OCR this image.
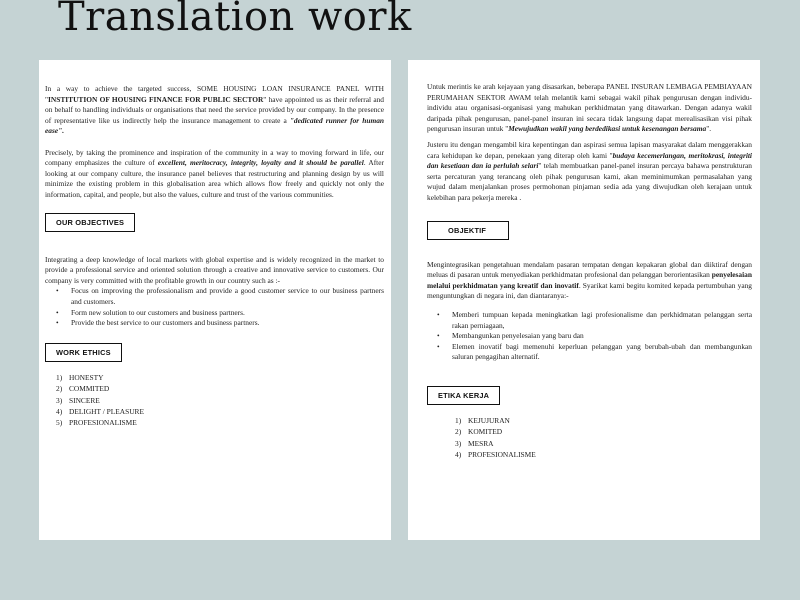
Translation work

In a way to achieve the targeted success, SOME HOUSING LOAN INSURANCE PANEL WITH "INSTITUTION OF HOUSING FINANCE FOR PUBLIC SECTOR" have appointed us as their referral and on behalf to handling individuals or organisations that need the service provided by our company. In the presence of representative like us indirectly help the insurance management to create a "dedicated runner for human ease".

Precisely, by taking the prominence and inspiration of the community in a way to moving forward in life, our company emphasizes the culture of excellent, meritocracy, integrity, loyalty and it should be parallel. After looking at our company culture, the insurance panel believes that restructuring and planning design by us will minimize the existing problem in this globalisation area which allows flow freely and quickly not only the information, capital, and people, but also the values, culture and trust of the various communities.

OUR OBJECTIVES

Integrating a deep knowledge of local markets with global expertise and is widely recognized in the market to provide a professional service and oriented solution through a creative and innovative service to customers. Our company is very committed with the profitable growth in our country such as :-

• Focus on improving the professionalism and provide a good customer service to our business partners and customers.
• Form new solution to our customers and business partners.
• Provide the best service to our customers and business partners.
WORK ETHICS
1) HONESTY
2) COMMITED
3) SINCERE
4) DELIGHT / PLEASURE
5) PROFESIONALISME

Untuk merintis ke arah kejayaan yang disasarkan, beberapa PANEL INSURAN LEMBAGA PEMBIAYAAN PERUMAHAN SEKTOR AWAM telah melantik kami sebagai wakil pihak pengurusan dengan individu-individu atau organisasi-organisasi yang mahukan perkhidmatan yang ditawarkan. Dengan adanya wakil daripada pihak pengurusan, panel-panel insuran ini secara tidak langsung dapat merealisasikan visi pihak pengurusan insuran untuk "Mewujudkan wakil yang berdedikasi untuk kesenangan bersama".

Justeru itu dengan mengambil kira kepentingan dan aspirasi semua lapisan masyarakat dalam menggerakkan cara kehidupan ke depan, penekaan yang diterap oleh kami "budaya kecemerlangan, meritokrasi, integriti dan kesetiaan dan ia perlulah selari" telah membuatkan panel-panel insuran percaya bahawa penstrukturan serta percaturan yang terancang oleh pihak pengurusan kami, akan meminimumkan permasalahan yang wujud dalam menjalankan proses permohonan pinjaman sedia ada yang diwujudkan oleh kerajaan untuk kelebihan para pekerja mereka .

OBJEKTIF

Mengintegrasikan pengetahuan mendalam pasaran tempatan dengan kepakaran global dan diiktiraf dengan meluas di pasaran untuk menyediakan perkhidmatan profesional dan pelanggan berorientasikan penyelesaian melalui perkhidmatan yang kreatif dan inovatif. Syarikat kami begitu komited kepada pertumbuhan yang menguntungkan di negara ini, dan diantaranya:-

• Memberi tumpuan kepada meningkatkan lagi profesionalisme dan perkhidmatan pelanggan serta rakan perniagaan,
• Membangunkan penyelesaian yang baru dan
• Elemen inovatif bagi memenuhi keperluan pelanggan yang berubah-ubah dan membangunkan saluran pengagihan alternatif.
ETIKA KERJA
1) KEJUJURAN
2) KOMITED
3) MESRA
4) PROFESIONALISME
